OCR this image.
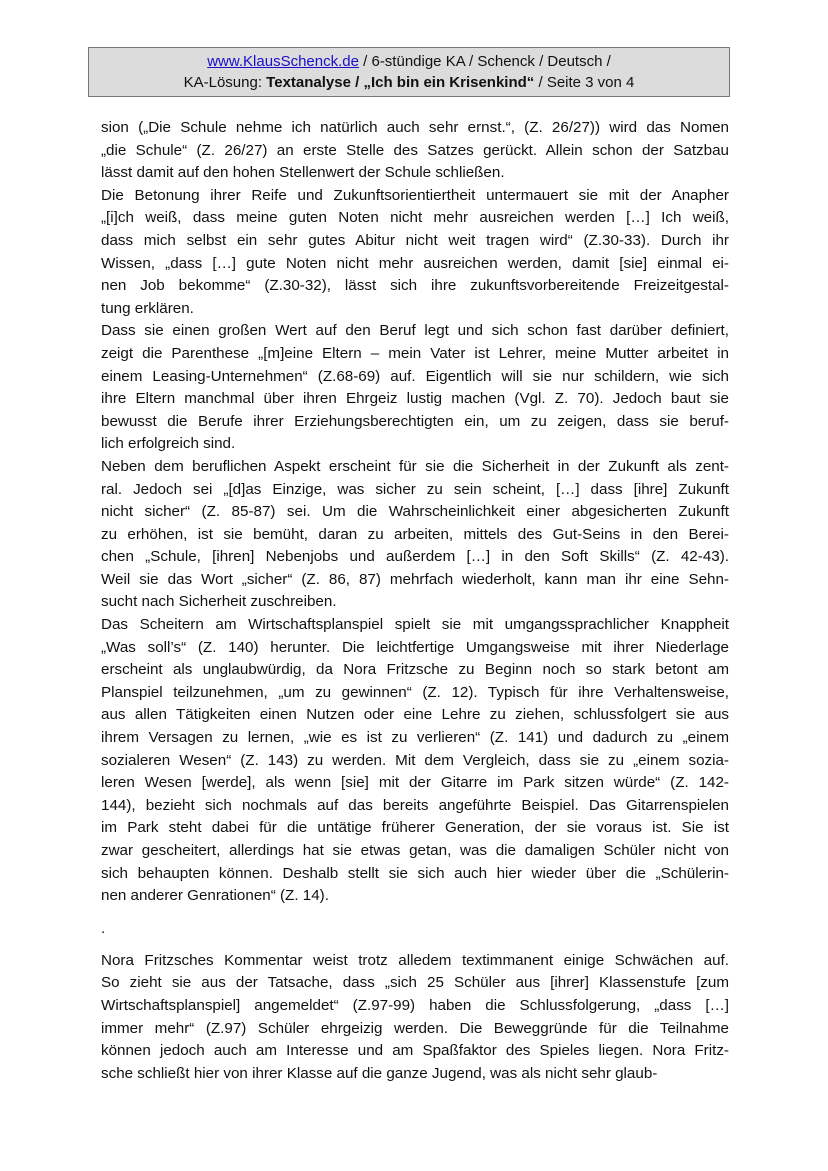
www.KlausSchenck.de / 6-stündige KA / Schenck / Deutsch /
KA-Lösung: Textanalyse / „Ich bin ein Krisenkind“ / Seite 3 von 4
sion („Die Schule nehme ich natürlich auch sehr ernst.“, (Z. 26/27)) wird das Nomen
„die Schule“ (Z. 26/27) an erste Stelle des Satzes gerückt. Allein schon der Satzbau
lässt damit auf den hohen Stellenwert der Schule schließen.
Die Betonung ihrer Reife und Zukunftsorientiertheit untermauert sie mit der Anapher
„[i]ch weiß, dass meine guten Noten nicht mehr ausreichen werden […] Ich weiß,
dass mich selbst ein sehr gutes Abitur nicht weit tragen wird“ (Z.30-33). Durch ihr
Wissen, „dass […] gute Noten nicht mehr ausreichen werden, damit [sie] einmal ei-
nen Job bekomme“ (Z.30-32), lässt sich ihre zukunftsvorbereitende Freizeitgestal-
tung erklären.
Dass sie einen großen Wert auf den Beruf legt und sich schon fast darüber definiert,
zeigt die Parenthese „[m]eine Eltern – mein Vater ist Lehrer, meine Mutter arbeitet in
einem Leasing-Unternehmen“ (Z.68-69) auf. Eigentlich will sie nur schildern, wie sich
ihre Eltern manchmal über ihren Ehrgeiz lustig machen (Vgl. Z. 70). Jedoch baut sie
bewusst die Berufe ihrer Erziehungsberechtigten ein, um zu zeigen, dass sie beruf-
lich erfolgreich sind.
Neben dem beruflichen Aspekt erscheint für sie die Sicherheit in der Zukunft als zent-
ral. Jedoch sei „[d]as Einzige, was sicher zu sein scheint, […] dass [ihre] Zukunft
nicht sicher“ (Z. 85-87) sei. Um die Wahrscheinlichkeit einer abgesicherten Zukunft
zu erhöhen, ist sie bemüht, daran zu arbeiten, mittels des Gut-Seins in den Berei-
chen „Schule, [ihren] Nebenjobs und außerdem […] in den Soft Skills“ (Z. 42-43).
Weil sie das Wort „sicher“ (Z. 86, 87) mehrfach wiederholt, kann man ihr eine Sehn-
sucht nach Sicherheit zuschreiben.
Das Scheitern am Wirtschaftsplanspiel spielt sie mit umgangssprachlicher Knappheit
„Was soll’s“ (Z. 140) herunter. Die leichtfertige Umgangsweise mit ihrer Niederlage
erscheint als unglaubwürdig, da Nora Fritzsche zu Beginn noch so stark betont am
Planspiel teilzunehmen, „um zu gewinnen“ (Z. 12). Typisch für ihre Verhaltensweise,
aus allen Tätigkeiten einen Nutzen oder eine Lehre zu ziehen, schlussfolgert sie aus
ihrem Versagen zu lernen, „wie es ist zu verlieren“ (Z. 141) und dadurch zu „einem
sozialeren Wesen“ (Z. 143) zu werden. Mit dem Vergleich, dass sie zu „einem sozia-
leren Wesen [werde], als wenn [sie] mit der Gitarre im Park sitzen würde“ (Z. 142-
144), bezieht sich nochmals auf das bereits angeführte Beispiel. Das Gitarrenspielen
im Park steht dabei für die untätige früherer Generation, der sie voraus ist. Sie ist
zwar gescheitert, allerdings hat sie etwas getan, was die damaligen Schüler nicht von
sich behaupten können. Deshalb stellt sie sich auch hier wieder über die „Schülerin-
nen anderer Genrationen“ (Z. 14).

.

Nora Fritzsches Kommentar weist trotz alledem textimmanent einige Schwächen auf.
So zieht sie aus der Tatsache, dass „sich 25 Schüler aus [ihrer] Klassenstufe [zum
Wirtschaftsplanspiel] angemeldet“ (Z.97-99) haben die Schlussfolgerung, „dass […]
immer mehr“ (Z.97) Schüler ehrgeizig werden. Die Beweggründe für die Teilnahme
können jedoch auch am Interesse und am Spaßfaktor des Spieles liegen. Nora Fritz-
sche schließt hier von ihrer Klasse auf die ganze Jugend, was als nicht sehr glaub-
